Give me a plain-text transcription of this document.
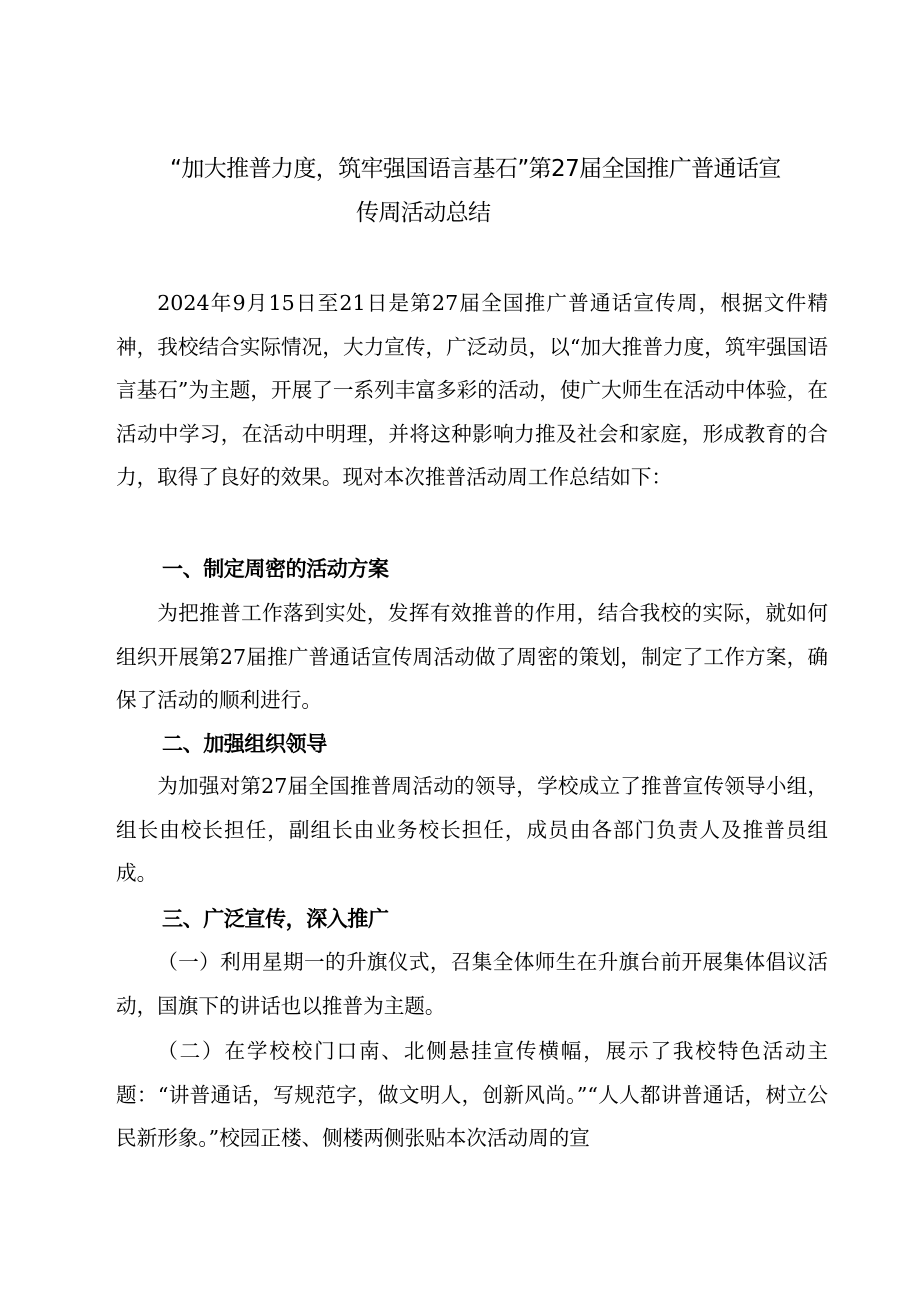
“加大推普力度，筑牢强国语言基石”第27届全国推广普通话宣
传周活动总结

2024年9月15日至21日是第27届全国推广普通话宣传周，根据文件精神，我校结合实际情况，大力宣传，广泛动员，以“加大推普力度，筑牢强国语言基石”为主题，开展了一系列丰富多彩的活动，使广大师生在活动中体验，在活动中学习，在活动中明理，并将这种影响力推及社会和家庭，形成教育的合力，取得了良好的效果。现对本次推普活动周工作总结如下：

一、制定周密的活动方案

为把推普工作落到实处，发挥有效推普的作用，结合我校的实际，就如何组织开展第27届推广普通话宣传周活动做了周密的策划，制定了工作方案，确保了活动的顺利进行。

二、加强组织领导

为加强对第27届全国推普周活动的领导，学校成立了推普宣传领导小组，组长由校长担任，副组长由业务校长担任，成员由各部门负责人及推普员组成。

三、广泛宣传，深入推广

（一）利用星期一的升旗仪式，召集全体师生在升旗台前开展集体倡议活动，国旗下的讲话也以推普为主题。

（二）在学校校门口南、北侧悬挂宣传横幅，展示了我校特色活动主题：“讲普通话，写规范字，做文明人，创新风尚。”“人人都讲普通话，树立公民新形象。”校园正楼、侧楼两侧张贴本次活动周的宣
